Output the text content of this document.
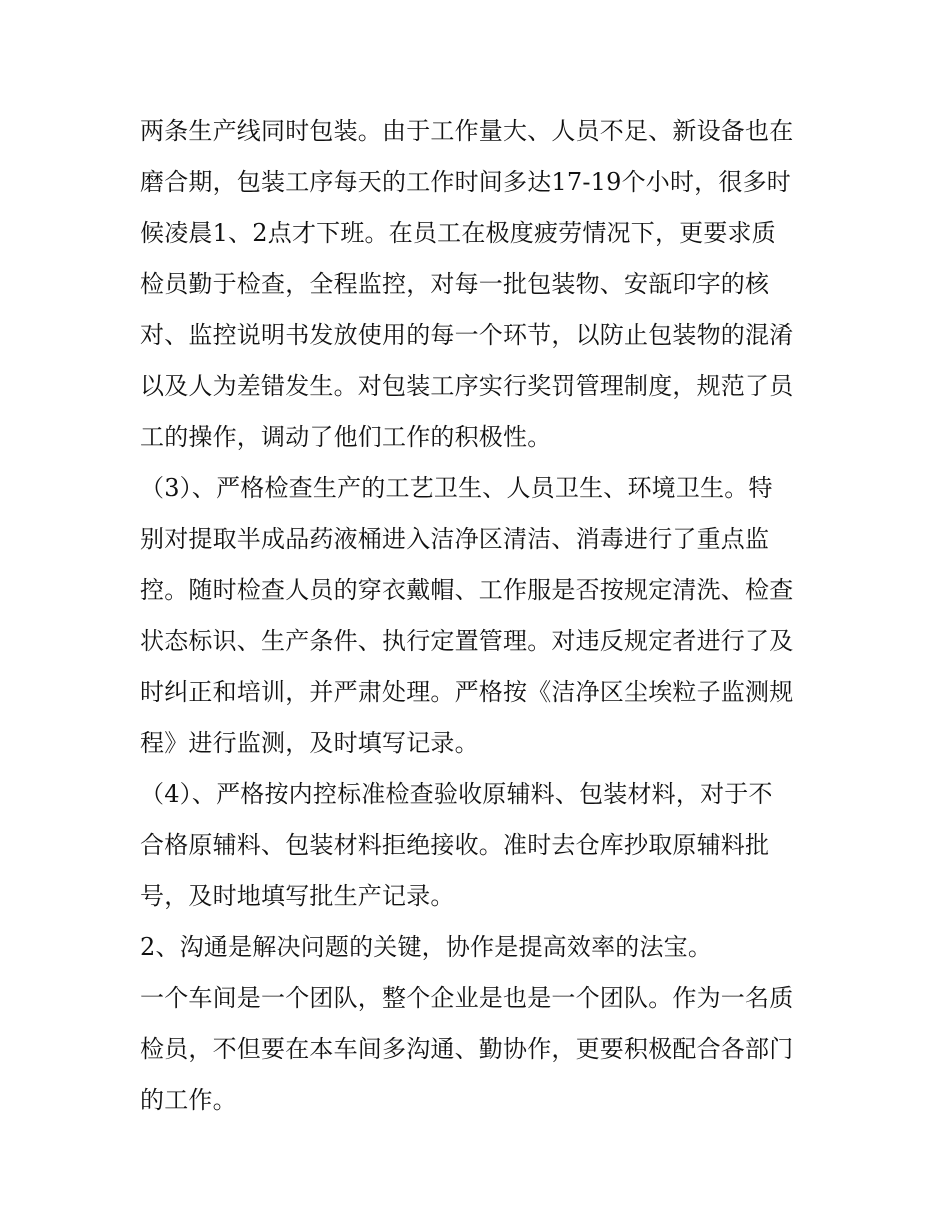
两条生产线同时包装。由于工作量大、人员不足、新设备也在
磨合期，包装工序每天的工作时间多达17-19个小时，很多时
候凌晨1、2点才下班。在员工在极度疲劳情况下，更要求质
检员勤于检查，全程监控，对每一批包装物、安瓿印字的核
对、监控说明书发放使用的每一个环节，以防止包装物的混淆
以及人为差错发生。对包装工序实行奖罚管理制度，规范了员
工的操作，调动了他们工作的积极性。
（3）、严格检查生产的工艺卫生、人员卫生、环境卫生。特
别对提取半成品药液桶进入洁净区清洁、消毒进行了重点监
控。随时检查人员的穿衣戴帽、工作服是否按规定清洗、检查
状态标识、生产条件、执行定置管理。对违反规定者进行了及
时纠正和培训，并严肃处理。严格按《洁净区尘埃粒子监测规
程》进行监测，及时填写记录。
（4）、严格按内控标准检查验收原辅料、包装材料，对于不
合格原辅料、包装材料拒绝接收。准时去仓库抄取原辅料批
号，及时地填写批生产记录。
2、沟通是解决问题的关键，协作是提高效率的法宝。
一个车间是一个团队，整个企业是也是一个团队。作为一名质
检员，不但要在本车间多沟通、勤协作，更要积极配合各部门
的工作。
